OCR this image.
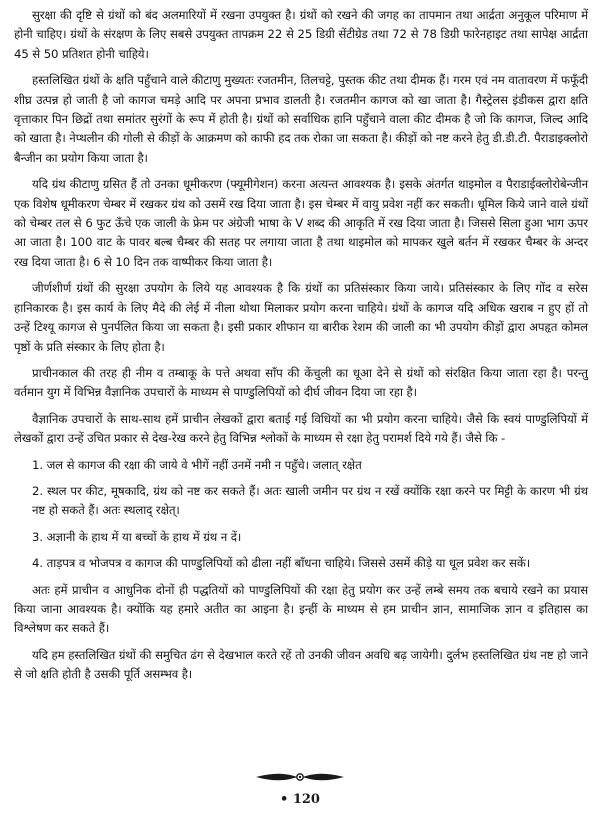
सुरक्षा की दृष्टि से ग्रंथों को बंद अलमारियों में रखना उपयुक्त है। ग्रंथों को रखने की जगह का तापमान तथा आर्द्रता अनुकूल परिमाण में होनी चाहिए। ग्रंथों के संरक्षण के लिए सबसे उपयुक्त तापक्रम 22 से 25 डिग्री सेंटीग्रेड तथा 72 से 78 डिग्री फारेनहाइट तथा सापेक्ष आर्द्रता 45 से 50 प्रतिशत होनी चाहिये।

हस्तलिखित ग्रंथों के क्षति पहुँचाने वाले कीटाणु मुख्यतः रजतमीन, तिलचट्टे, पुस्तक कीट तथा दीमक हैं। गरम एवं नम वातावरण में फफूँदी शीघ्र उत्पन्न हो जाती है जो कागज चमड़े आदि पर अपना प्रभाव डालती है। रजतमीन कागज को खा जाता है। गैस्ट्रेलस इंडीकस द्वारा क्षति वृत्ताकार पिन छिद्रों तथा समांतर सुरंगों के रूप में होती है। ग्रंथों को सर्वाधिक हानि पहुँचाने वाला कीट दीमक है जो कि कागज, जिल्द आदि को खाता है। नेप्थलीन की गोली से कीड़ों के आक्रमण को काफी हद तक रोका जा सकता है। कीड़ों को नष्ट करने हेतु डी.डी.टी. पैराडाइक्लोरो बैन्जीन का प्रयोग किया जाता है।

यदि ग्रंथ कीटाणु ग्रसित हैं तो उनका धूमीकरण (फ्यूमीगेशन) करना अत्यन्त आवश्यक है। इसके अंतर्गत थाइमोल व पैराडाईक्लोरोबेन्जीन एक विशेष धूमीकरण चेम्बर में रखकर ग्रंथ को उसमें रख दिया जाता है। इस चेम्बर में वायु प्रवेश नहीं कर सकती। धूमिल किये जाने वाले ग्रंथों को चेम्बर तल से 6 फुट ऊँचे एक जाली के फ्रेम पर अंग्रेजी भाषा के V शब्द की आकृति में रख दिया जाता है। जिससे सिला हुआ भाग ऊपर आ जाता है। 100 वाट के पावर बल्ब चैम्बर की सतह पर लगाया जाता है तथा थाइमोल को मापकर खुले बर्तन में रखकर चैम्बर के अन्दर रख दिया जाता है। 6 से 10 दिन तक वाष्पीकर किया जाता है।

जीर्णशीर्ण ग्रंथों की सुरक्षा उपयोग के लिये यह आवश्यक है कि ग्रंथों का प्रतिसंस्कार किया जाये। प्रतिसंस्कार के लिए गोंद व सरेस हानिकारक है। इस कार्य के लिए मैदे की लेई में नीला थोथा मिलाकर प्रयोग करना चाहिये। ग्रंथों के कागज यदि अधिक खराब न हुए हों तो उन्हें टिश्यू कागज से पुनर्पलित किया जा सकता है। इसी प्रकार शीफान या बारीक रेशम की जाली का भी उपयोग कीड़ों द्वारा अपहृत कोमल पृष्ठों के प्रति संस्कार के लिए होता है।

प्राचीनकाल की तरह ही नीम व तम्बाकू के पत्ते अथवा साँप की केंचुली का धूआ देने से ग्रंथों को संरक्षित किया जाता रहा है। परन्तु वर्तमान युग में विभिन्न वैज्ञानिक उपचारों के माध्यम से पाण्डुलिपियों को दीर्घ जीवन दिया जा रहा है।

वैज्ञानिक उपचारों के साथ-साथ हमें प्राचीन लेखकों द्वारा बताई गई विधियों का भी प्रयोग करना चाहिये। जैसे कि स्वयं पाण्डुलिपियों में लेखकों द्वारा उन्हें उचित प्रकार से देख-रेख करने हेतु विभिन्न श्लोकों के माध्यम से रक्षा हेतु परामर्श दिये गये हैं। जैसे कि -

1. जल से कागज की रक्षा की जाये वे भीगें नहीं उनमें नमी न पहुँचे। जलात् रक्षेत

2. स्थल पर कीट, मूषकादि, ग्रंथ को नष्ट कर सकते हैं। अतः खाली जमीन पर ग्रंथ न रखें क्योंकि रक्षा करने पर मिट्टी के कारण भी ग्रंथ नष्ट हो सकते हैं। अतः स्थलाद् रक्षेत्।

3. अज्ञानी के हाथ में या बच्चों के हाथ में ग्रंथ न दें।

4. ताड़पत्र व भोजपत्र व कागज की पाण्डुलिपियों को ढीला नहीं बाँधना चाहिये। जिससे उसमें कीड़े या धूल प्रवेश कर सकें।

अतः हमें प्राचीन व आधुनिक दोनों ही पद्धतियों को पाण्डुलिपियों की रक्षा हेतु प्रयोग कर उन्हें लम्बे समय तक बचाये रखने का प्रयास किया जाना आवश्यक है। क्योंकि यह हमारे अतीत का आइना है। इन्हीं के माध्यम से हम प्राचीन ज्ञान, सामाजिक ज्ञान व इतिहास का विश्लेषण कर सकते हैं।

यदि हम हस्तलिखित ग्रंथों की समुचित ढंग से देखभाल करते रहें तो उनकी जीवन अवधि बढ़ जायेगी। दुर्लभ हस्तलिखित ग्रंथ नष्ट हो जाने से जो क्षति होती है उसकी पूर्ति असम्भव है।

• 120
